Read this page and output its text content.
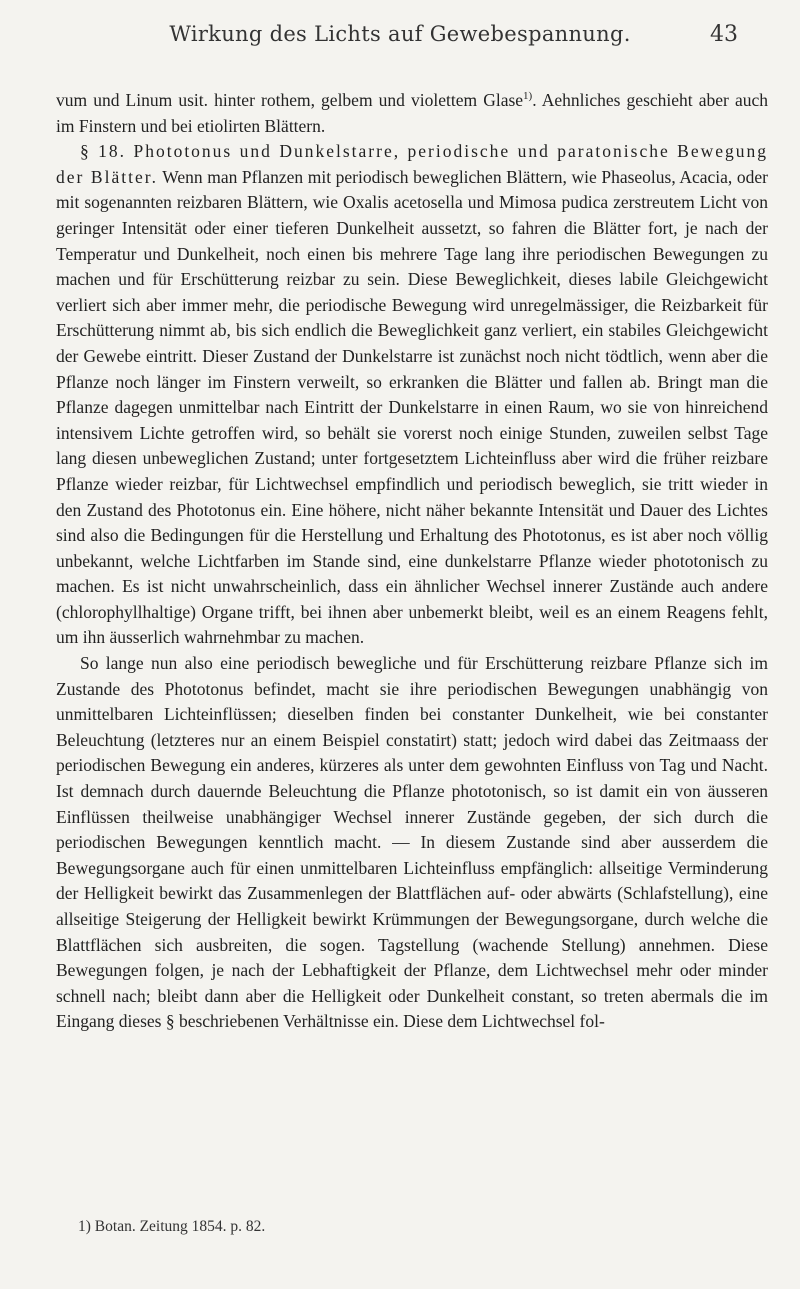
Wirkung des Lichts auf Gewebespannung.	43

vum und Linum usit. hinter rothem, gelbem und violettem Glase$^{1)}$. Aehnliches geschieht aber auch im Finstern und bei etiolirten Blättern.

§ 18. Phototonus und Dunkelstarre, periodische und paratonische Bewegung der Blätter. Wenn man Pflanzen mit periodisch beweglichen Blättern, wie Phaseolus, Acacia, oder mit sogenannten reizbaren Blättern, wie Oxalis acetosella und Mimosa pudica zerstreutem Licht von geringer Intensität oder einer tieferen Dunkelheit aussetzt, so fahren die Blätter fort, je nach der Temperatur und Dunkelheit, noch einen bis mehrere Tage lang ihre periodischen Bewegungen zu machen und für Erschütterung reizbar zu sein. Diese Beweglichkeit, dieses labile Gleichgewicht verliert sich aber immer mehr, die periodische Bewegung wird unregelmässiger, die Reizbarkeit für Erschütterung nimmt ab, bis sich endlich die Beweglichkeit ganz verliert, ein stabiles Gleichgewicht der Gewebe eintritt. Dieser Zustand der Dunkelstarre ist zunächst noch nicht tödtlich, wenn aber die Pflanze noch länger im Finstern verweilt, so erkranken die Blätter und fallen ab. Bringt man die Pflanze dagegen unmittelbar nach Eintritt der Dunkelstarre in einen Raum, wo sie von hinreichend intensivem Lichte getroffen wird, so behält sie vorerst noch einige Stunden, zuweilen selbst Tage lang diesen unbeweglichen Zustand; unter fortgesetztem Lichteinfluss aber wird die früher reizbare Pflanze wieder reizbar, für Lichtwechsel empfindlich und periodisch beweglich, sie tritt wieder in den Zustand des Phototonus ein. Eine höhere, nicht näher bekannte Intensität und Dauer des Lichtes sind also die Bedingungen für die Herstellung und Erhaltung des Phototonus, es ist aber noch völlig unbekannt, welche Lichtfarben im Stande sind, eine dunkelstarre Pflanze wieder phototonisch zu machen. Es ist nicht unwahrscheinlich, dass ein ähnlicher Wechsel innerer Zustände auch andere (chlorophyllhaltige) Organe trifft, bei ihnen aber unbemerkt bleibt, weil es an einem Reagens fehlt, um ihn äusserlich wahrnehmbar zu machen.

So lange nun also eine periodisch bewegliche und für Erschütterung reizbare Pflanze sich im Zustande des Phototonus befindet, macht sie ihre periodischen Bewegungen unabhängig von unmittelbaren Lichteinflüssen; dieselben finden bei constanter Dunkelheit, wie bei constanter Beleuchtung (letzteres nur an einem Beispiel constatirt) statt; jedoch wird dabei das Zeitmaass der periodischen Bewegung ein anderes, kürzeres als unter dem gewohnten Einfluss von Tag und Nacht. Ist demnach durch dauernde Beleuchtung die Pflanze phototonisch, so ist damit ein von äusseren Einflüssen theilweise unabhängiger Wechsel innerer Zustände gegeben, der sich durch die periodischen Bewegungen kenntlich macht. — In diesem Zustande sind aber ausserdem die Bewegungsorgane auch für einen unmittelbaren Lichteinfluss empfänglich: allseitige Verminderung der Helligkeit bewirkt das Zusammenlegen der Blattflächen auf- oder abwärts (Schlafstellung), eine allseitige Steigerung der Helligkeit bewirkt Krümmungen der Bewegungsorgane, durch welche die Blattflächen sich ausbreiten, die sogen. Tagstellung (wachende Stellung) annehmen. Diese Bewegungen folgen, je nach der Lebhaftigkeit der Pflanze, dem Lichtwechsel mehr oder minder schnell nach; bleibt dann aber die Helligkeit oder Dunkelheit constant, so treten abermals die im Eingang dieses § beschriebenen Verhältnisse ein. Diese dem Lichtwechsel fol-

1) Botan. Zeitung 1854. p. 82.
